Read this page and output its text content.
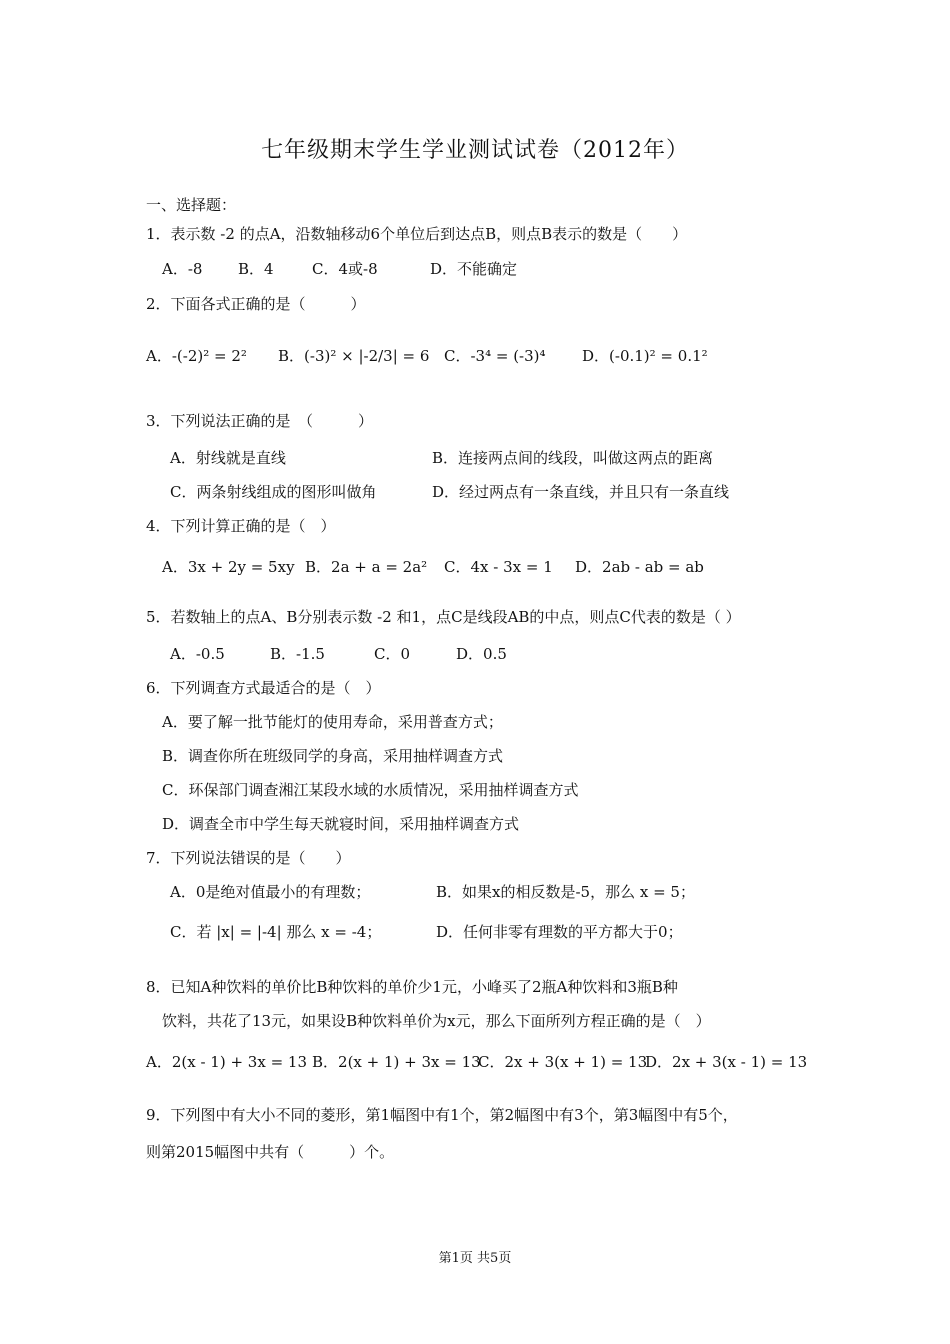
七年级期末学生学业测试试卷（2012年）
一、选择题：
1．表示数 -2 的点A，沿数轴移动6个单位后到达点B，则点B表示的数是（　　）
A．-8 B．4	C．4或-8	D．不能确定
2．下面各式正确的是（　　　）
A．-(-2)² = 2² B．(-3)² × |-2/3| = 6 C．-3⁴ = (-3)⁴ D．(-0.1)² = 0.1²
3．下列说法正确的是　（　　　）
A．射线就是直线	B．连接两点间的线段，叫做这两点的距离
C．两条射线组成的图形叫做角	D．经过两点有一条直线，并且只有一条直线
4．下列计算正确的是（　）
A．3x + 2y = 5xy B．2a + a = 2a² C．4x - 3x = 1 D．2ab - ab = ab
5．若数轴上的点A、B分别表示数 -2 和1，点C是线段AB的中点，则点C代表的数是（ ）
A．-0.5	B．-1.5	C．0	D．0.5
6．下列调查方式最适合的是（　）
A．要了解一批节能灯的使用寿命，采用普查方式；
B．调查你所在班级同学的身高，采用抽样调查方式
C．环保部门调查湘江某段水域的水质情况，采用抽样调查方式
D．调查全市中学生每天就寝时间，采用抽样调查方式
7．下列说法错误的是（　　）
A．0是绝对值最小的有理数；	B．如果x的相反数是-5，那么 x = 5；
C．若 |x| = |-4| 那么 x = -4；	D．任何非零有理数的平方都大于0；
8．已知A种饮料的单价比B种饮料的单价少1元，小峰买了2瓶A种饮料和3瓶B种
饮料，共花了13元，如果设B种饮料单价为x元，那么下面所列方程正确的是（　）
A．2(x - 1) + 3x = 13 B．2(x + 1) + 3x = 13
C．2x + 3(x + 1) = 13
D．2x + 3(x - 1) = 13
9．下列图中有大小不同的菱形，第1幅图中有1个，第2幅图中有3个，第3幅图中有5个，
则第2015幅图中共有（　　　）个。
第1页 共5页
